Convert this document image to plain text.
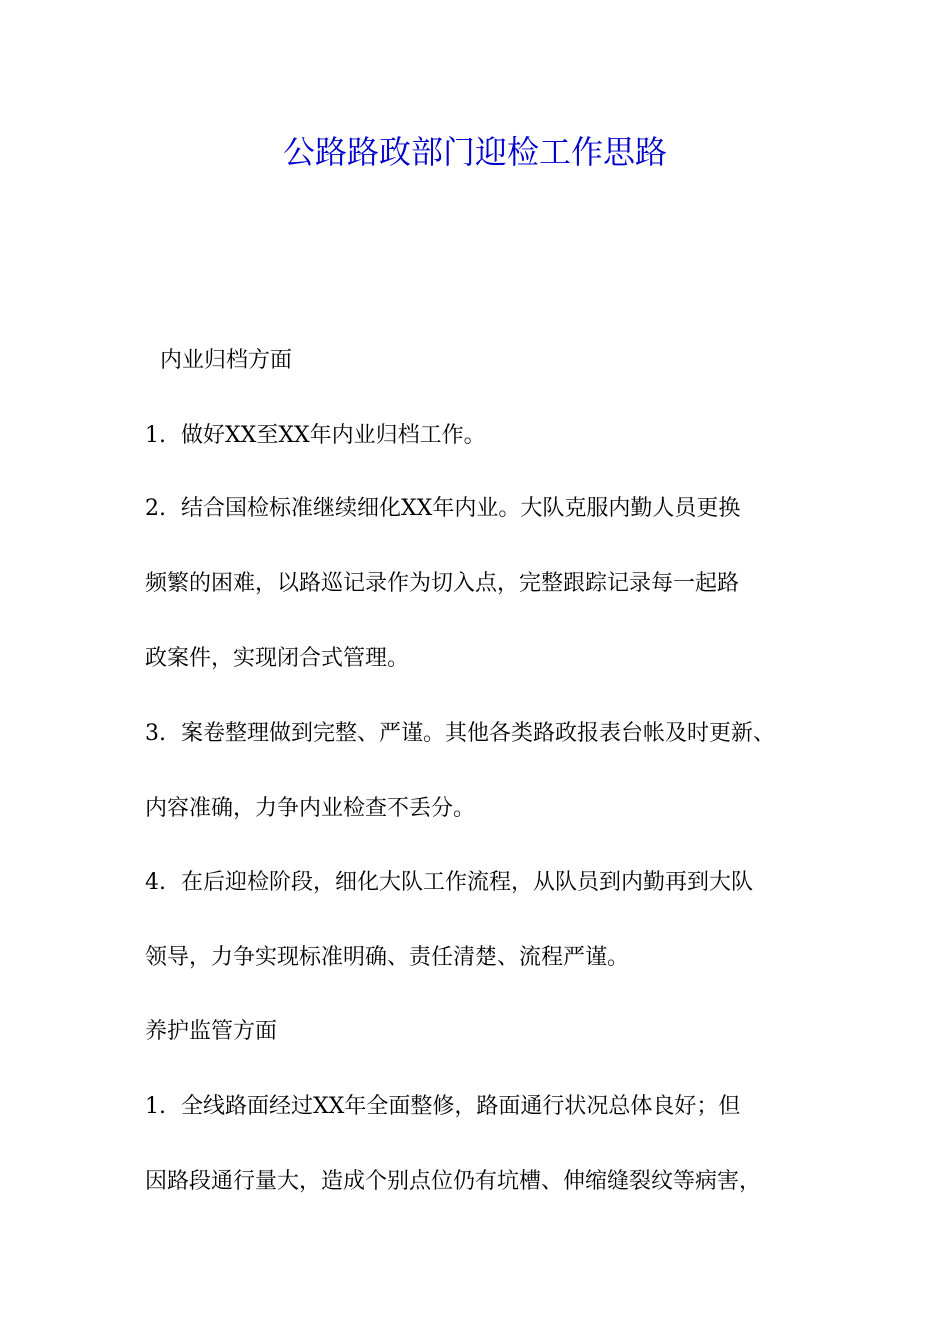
公路路政部门迎检工作思路

内业归档方面

1. 做好XX至XX年内业归档工作。

2. 结合国检标准继续细化XX年内业。大队克服内勤人员更换

频繁的困难，以路巡记录作为切入点，完整跟踪记录每一起路

政案件，实现闭合式管理。

3. 案卷整理做到完整、严谨。其他各类路政报表台帐及时更新、

内容准确，力争内业检查不丢分。

4. 在后迎检阶段，细化大队工作流程，从队员到内勤再到大队

领导，力争实现标准明确、责任清楚、流程严谨。

养护监管方面

1. 全线路面经过XX年全面整修，路面通行状况总体良好；但

因路段通行量大，造成个别点位仍有坑槽、伸缩缝裂纹等病害，
